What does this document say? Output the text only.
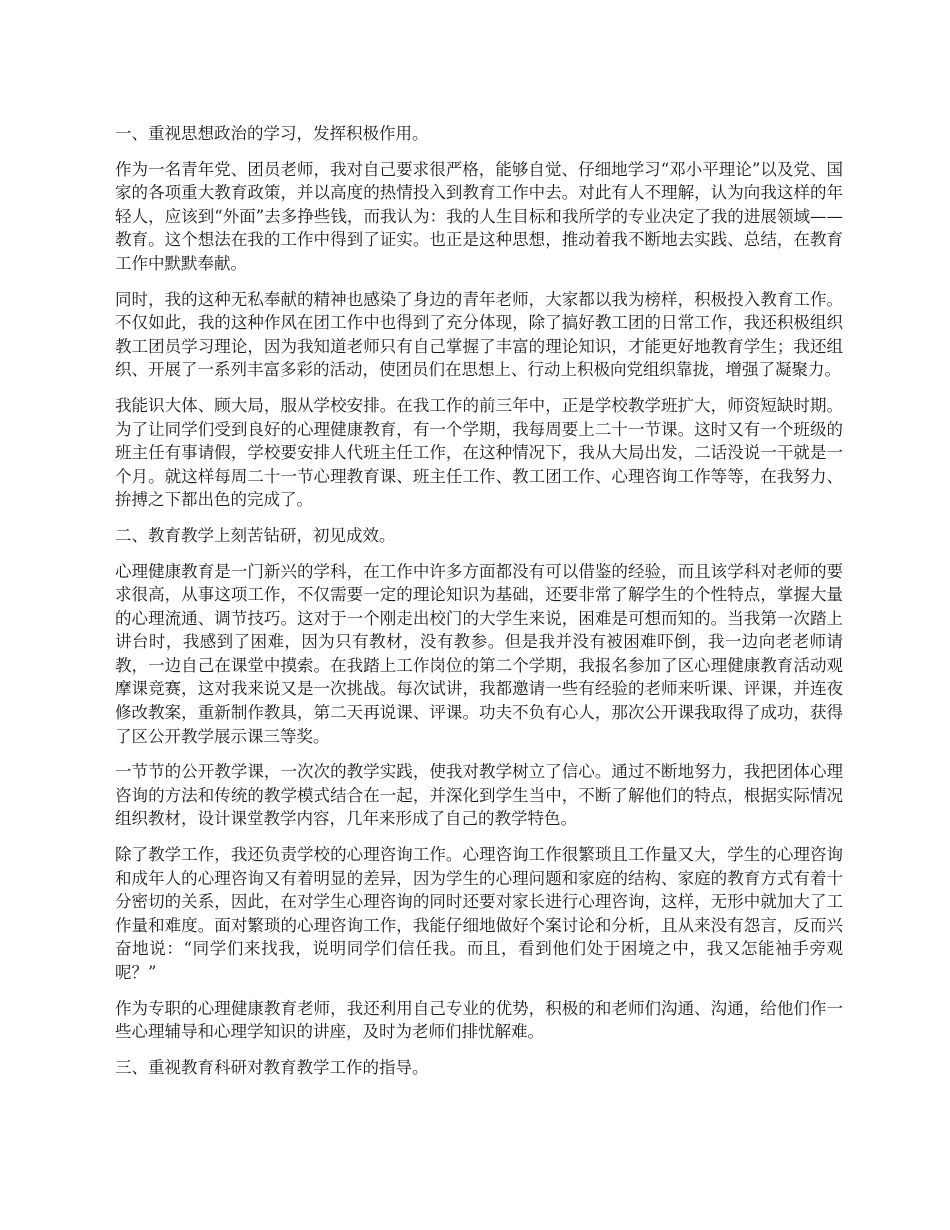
一、重视思想政治的学习，发挥积极作用。

作为一名青年党、团员老师，我对自己要求很严格，能够自觉、仔细地学习“邓小平理论”以及党、国家的各项重大教育政策，并以高度的热情投入到教育工作中去。对此有人不理解，认为向我这样的年轻人，应该到“外面”去多挣些钱，而我认为：我的人生目标和我所学的专业决定了我的进展领域——教育。这个想法在我的工作中得到了证实。也正是这种思想，推动着我不断地去实践、总结，在教育工作中默默奉献。

同时，我的这种无私奉献的精神也感染了身边的青年老师，大家都以我为榜样，积极投入教育工作。不仅如此，我的这种作风在团工作中也得到了充分体现，除了搞好教工团的日常工作，我还积极组织教工团员学习理论，因为我知道老师只有自己掌握了丰富的理论知识，才能更好地教育学生；我还组织、开展了一系列丰富多彩的活动，使团员们在思想上、行动上积极向党组织靠拢，增强了凝聚力。

我能识大体、顾大局，服从学校安排。在我工作的前三年中，正是学校教学班扩大，师资短缺时期。为了让同学们受到良好的心理健康教育，有一个学期，我每周要上二十一节课。这时又有一个班级的班主任有事请假，学校要安排人代班主任工作，在这种情况下，我从大局出发，二话没说一干就是一个月。就这样每周二十一节心理教育课、班主任工作、教工团工作、心理咨询工作等等，在我努力、拚搏之下都出色的完成了。

二、教育教学上刻苦钻研，初见成效。

心理健康教育是一门新兴的学科，在工作中许多方面都没有可以借鉴的经验，而且该学科对老师的要求很高，从事这项工作，不仅需要一定的理论知识为基础，还要非常了解学生的个性特点，掌握大量的心理流通、调节技巧。这对于一个刚走出校门的大学生来说，困难是可想而知的。当我第一次踏上讲台时，我感到了困难，因为只有教材，没有教参。但是我并没有被困难吓倒，我一边向老老师请教，一边自己在课堂中摸索。在我踏上工作岗位的第二个学期，我报名参加了区心理健康教育活动观摩课竞赛，这对我来说又是一次挑战。每次试讲，我都邀请一些有经验的老师来听课、评课，并连夜修改教案，重新制作教具，第二天再说课、评课。功夫不负有心人，那次公开课我取得了成功，获得了区公开教学展示课三等奖。

一节节的公开教学课，一次次的教学实践，使我对教学树立了信心。通过不断地努力，我把团体心理咨询的方法和传统的教学模式结合在一起，并深化到学生当中，不断了解他们的特点，根据实际情况组织教材，设计课堂教学内容，几年来形成了自己的教学特色。

除了教学工作，我还负责学校的心理咨询工作。心理咨询工作很繁琐且工作量又大，学生的心理咨询和成年人的心理咨询又有着明显的差异，因为学生的心理问题和家庭的结构、家庭的教育方式有着十分密切的关系，因此，在对学生心理咨询的同时还要对家长进行心理咨询，这样，无形中就加大了工作量和难度。面对繁琐的心理咨询工作，我能仔细地做好个案讨论和分析，且从来没有怨言，反而兴奋地说：“同学们来找我，说明同学们信任我。而且，看到他们处于困境之中，我又怎能袖手旁观呢？”

作为专职的心理健康教育老师，我还利用自己专业的优势，积极的和老师们沟通、沟通，给他们作一些心理辅导和心理学知识的讲座，及时为老师们排忧解难。

三、重视教育科研对教育教学工作的指导。
